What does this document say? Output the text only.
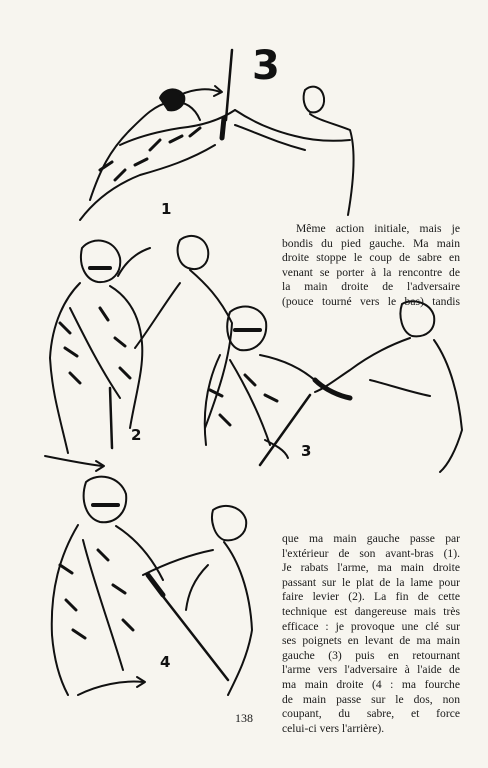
3
1
2
3
4
Même action initiale, mais je
bondis du pied gauche. Ma main
droite stoppe le coup de sabre en
venant se porter à la rencontre de
la main droite de l'adversaire
(pouce tourné vers le bas) tandis
que ma main gauche passe par
l'extérieur de son avant-bras (1).
Je rabats l'arme, ma main droite
passant sur le plat de la lame pour
faire levier (2). La fin de cette
technique est dangereuse mais très
efficace : je provoque une clé sur
ses poignets en levant de ma main
gauche (3) puis en retournant
l'arme vers l'adversaire à l'aide de
ma main droite (4 : ma fourche
de main passe sur le dos, non
coupant, du sabre, et force
celui-ci vers l'arrière).
138
